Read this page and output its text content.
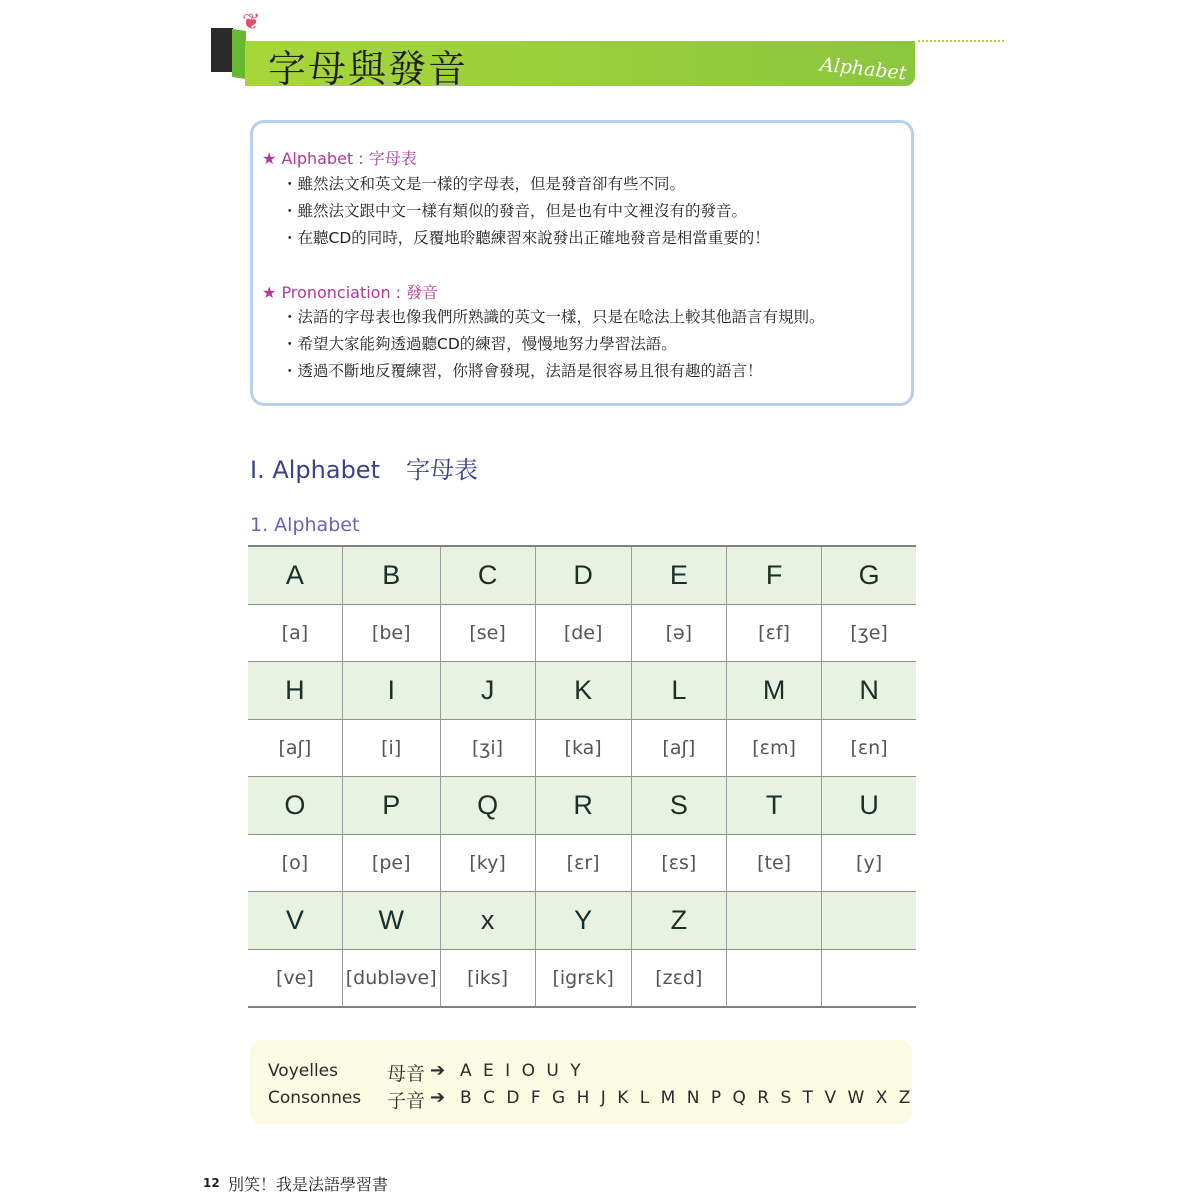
❦
字母與發音	Alphabet
★ Alphabet : 字母表
・雖然法文和英文是一樣的字母表，但是發音卻有些不同。
・雖然法文跟中文一樣有類似的發音，但是也有中文裡沒有的發音。
・在聽CD的同時，反覆地聆聽練習來說發出正確地發音是相當重要的！
★ Prononciation : 發音
・法語的字母表也像我們所熟識的英文一樣，只是在唸法上較其他語言有規則。
・希望大家能夠透過聽CD的練習，慢慢地努力學習法語。
・透過不斷地反覆練習，你將會發現，法語是很容易且很有趣的語言！
I. Alphabet 字母表
1. Alphabet
A	B	C	D	E	F	G
[a]	[be]	[se]	[de]	[ə]	[ɛf]	[ʒe]
H	I	J	K	L	M	N
[aʃ]	[i]	[ʒi]	[ka]	[aʃ]	[ɛm]	[ɛn]
O	P	Q	R	S	T	U
[o]	[pe]	[ky]	[ɛr]	[ɛs]	[te]	[y]
V	W	x	Y	Z		
[ve]	[dubləve]	[iks]	[igrɛk]	[zɛd]		
Voyelles	母音 ➔ A E I O U Y
Consonnes 子音 ➔ B C D F G H J K L M N P Q R S T V W X Z
12 別笑！我是法語學習書
